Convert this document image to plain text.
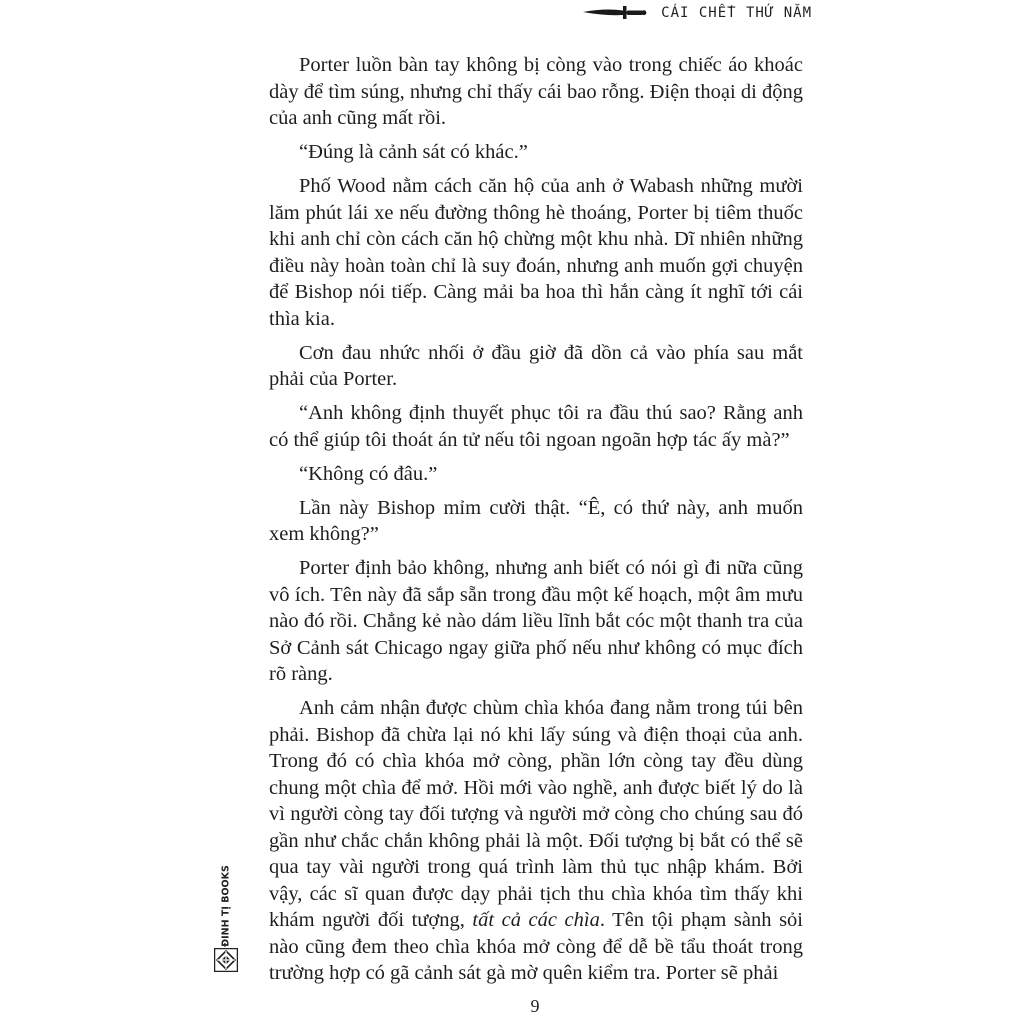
CÁI CHẾT THỨ NĂM

Porter luồn bàn tay không bị còng vào trong chiếc áo khoác dày để tìm súng, nhưng chỉ thấy cái bao rỗng. Điện thoại di động của anh cũng mất rồi.

“Đúng là cảnh sát có khác.”

Phố Wood nằm cách căn hộ của anh ở Wabash những mười lăm phút lái xe nếu đường thông hè thoáng, Porter bị tiêm thuốc khi anh chỉ còn cách căn hộ chừng một khu nhà. Dĩ nhiên những điều này hoàn toàn chỉ là suy đoán, nhưng anh muốn gợi chuyện để Bishop nói tiếp. Càng mải ba hoa thì hắn càng ít nghĩ tới cái thìa kia.

Cơn đau nhức nhối ở đầu giờ đã dồn cả vào phía sau mắt phải của Porter.

“Anh không định thuyết phục tôi ra đầu thú sao? Rằng anh có thể giúp tôi thoát án tử nếu tôi ngoan ngoãn hợp tác ấy mà?”

“Không có đâu.”

Lần này Bishop mỉm cười thật. “Ê, có thứ này, anh muốn xem không?”

Porter định bảo không, nhưng anh biết có nói gì đi nữa cũng vô ích. Tên này đã sắp sẵn trong đầu một kế hoạch, một âm mưu nào đó rồi. Chẳng kẻ nào dám liều lĩnh bắt cóc một thanh tra của Sở Cảnh sát Chicago ngay giữa phố nếu như không có mục đích rõ ràng.

Anh cảm nhận được chùm chìa khóa đang nằm trong túi bên phải. Bishop đã chừa lại nó khi lấy súng và điện thoại của anh. Trong đó có chìa khóa mở còng, phần lớn còng tay đều dùng chung một chìa để mở. Hồi mới vào nghề, anh được biết lý do là vì người còng tay đối tượng và người mở còng cho chúng sau đó gần như chắc chắn không phải là một. Đối tượng bị bắt có thể sẽ qua tay vài người trong quá trình làm thủ tục nhập khám. Bởi vậy, các sĩ quan được dạy phải tịch thu chìa khóa tìm thấy khi khám người đối tượng, tất cả các chìa. Tên tội phạm sành sỏi nào cũng đem theo chìa khóa mở còng để dễ bề tẩu thoát trong trường hợp có gã cảnh sát gà mờ quên kiểm tra. Porter sẽ phải

ĐINH TỊ BOOKS
9
